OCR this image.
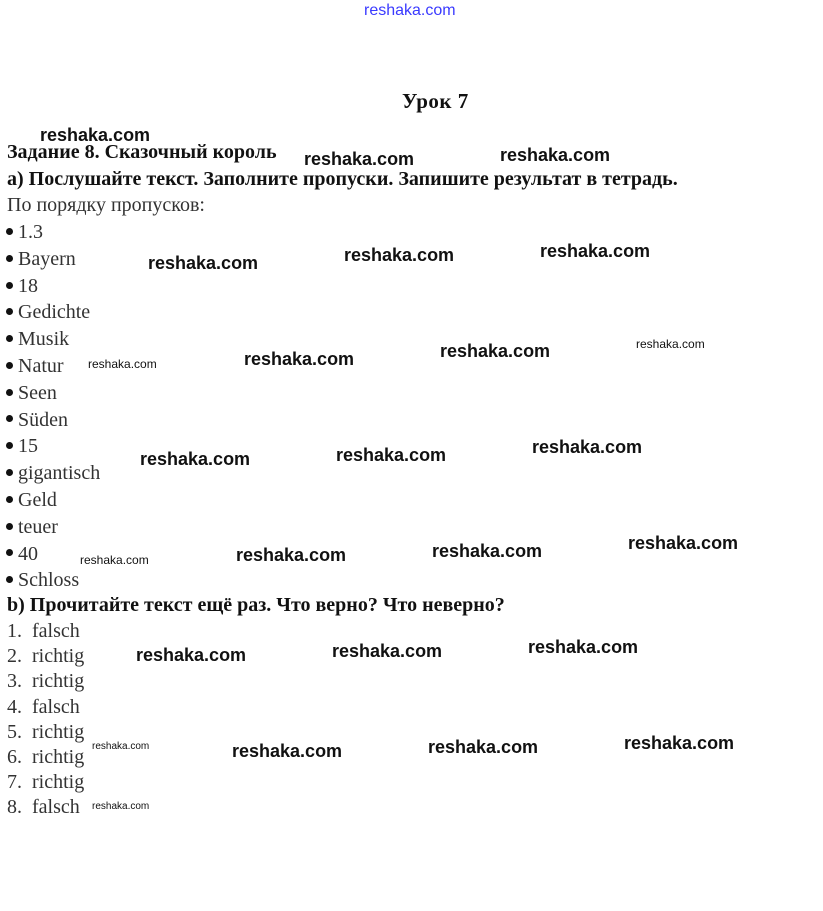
reshaka.com
Урок 7
Задание 8. Сказочный король
a) Послушайте текст. Заполните пропуски. Запишите результат в тетрадь.
По порядку пропусков:
1.3
Bayern
18
Gedichte
Musik
Natur
Seen
Süden
15
gigantisch
Geld
teuer
40
Schloss
b) Прочитайте текст ещё раз. Что верно? Что неверно?
1. falsch
2. richtig
3. richtig
4. falsch
5. richtig
6. richtig
7. richtig
8. falsch
reshaka.com
reshaka.com	reshaka.com
reshaka.com	reshaka.com	reshaka.com
reshaka.com	reshaka.com	reshaka.com	reshaka.com
reshaka.com	reshaka.com	reshaka.com
reshaka.com	reshaka.com	reshaka.com	reshaka.com
reshaka.com	reshaka.com	reshaka.com
reshaka.com	reshaka.com	reshaka.com	reshaka.com
reshaka.com
